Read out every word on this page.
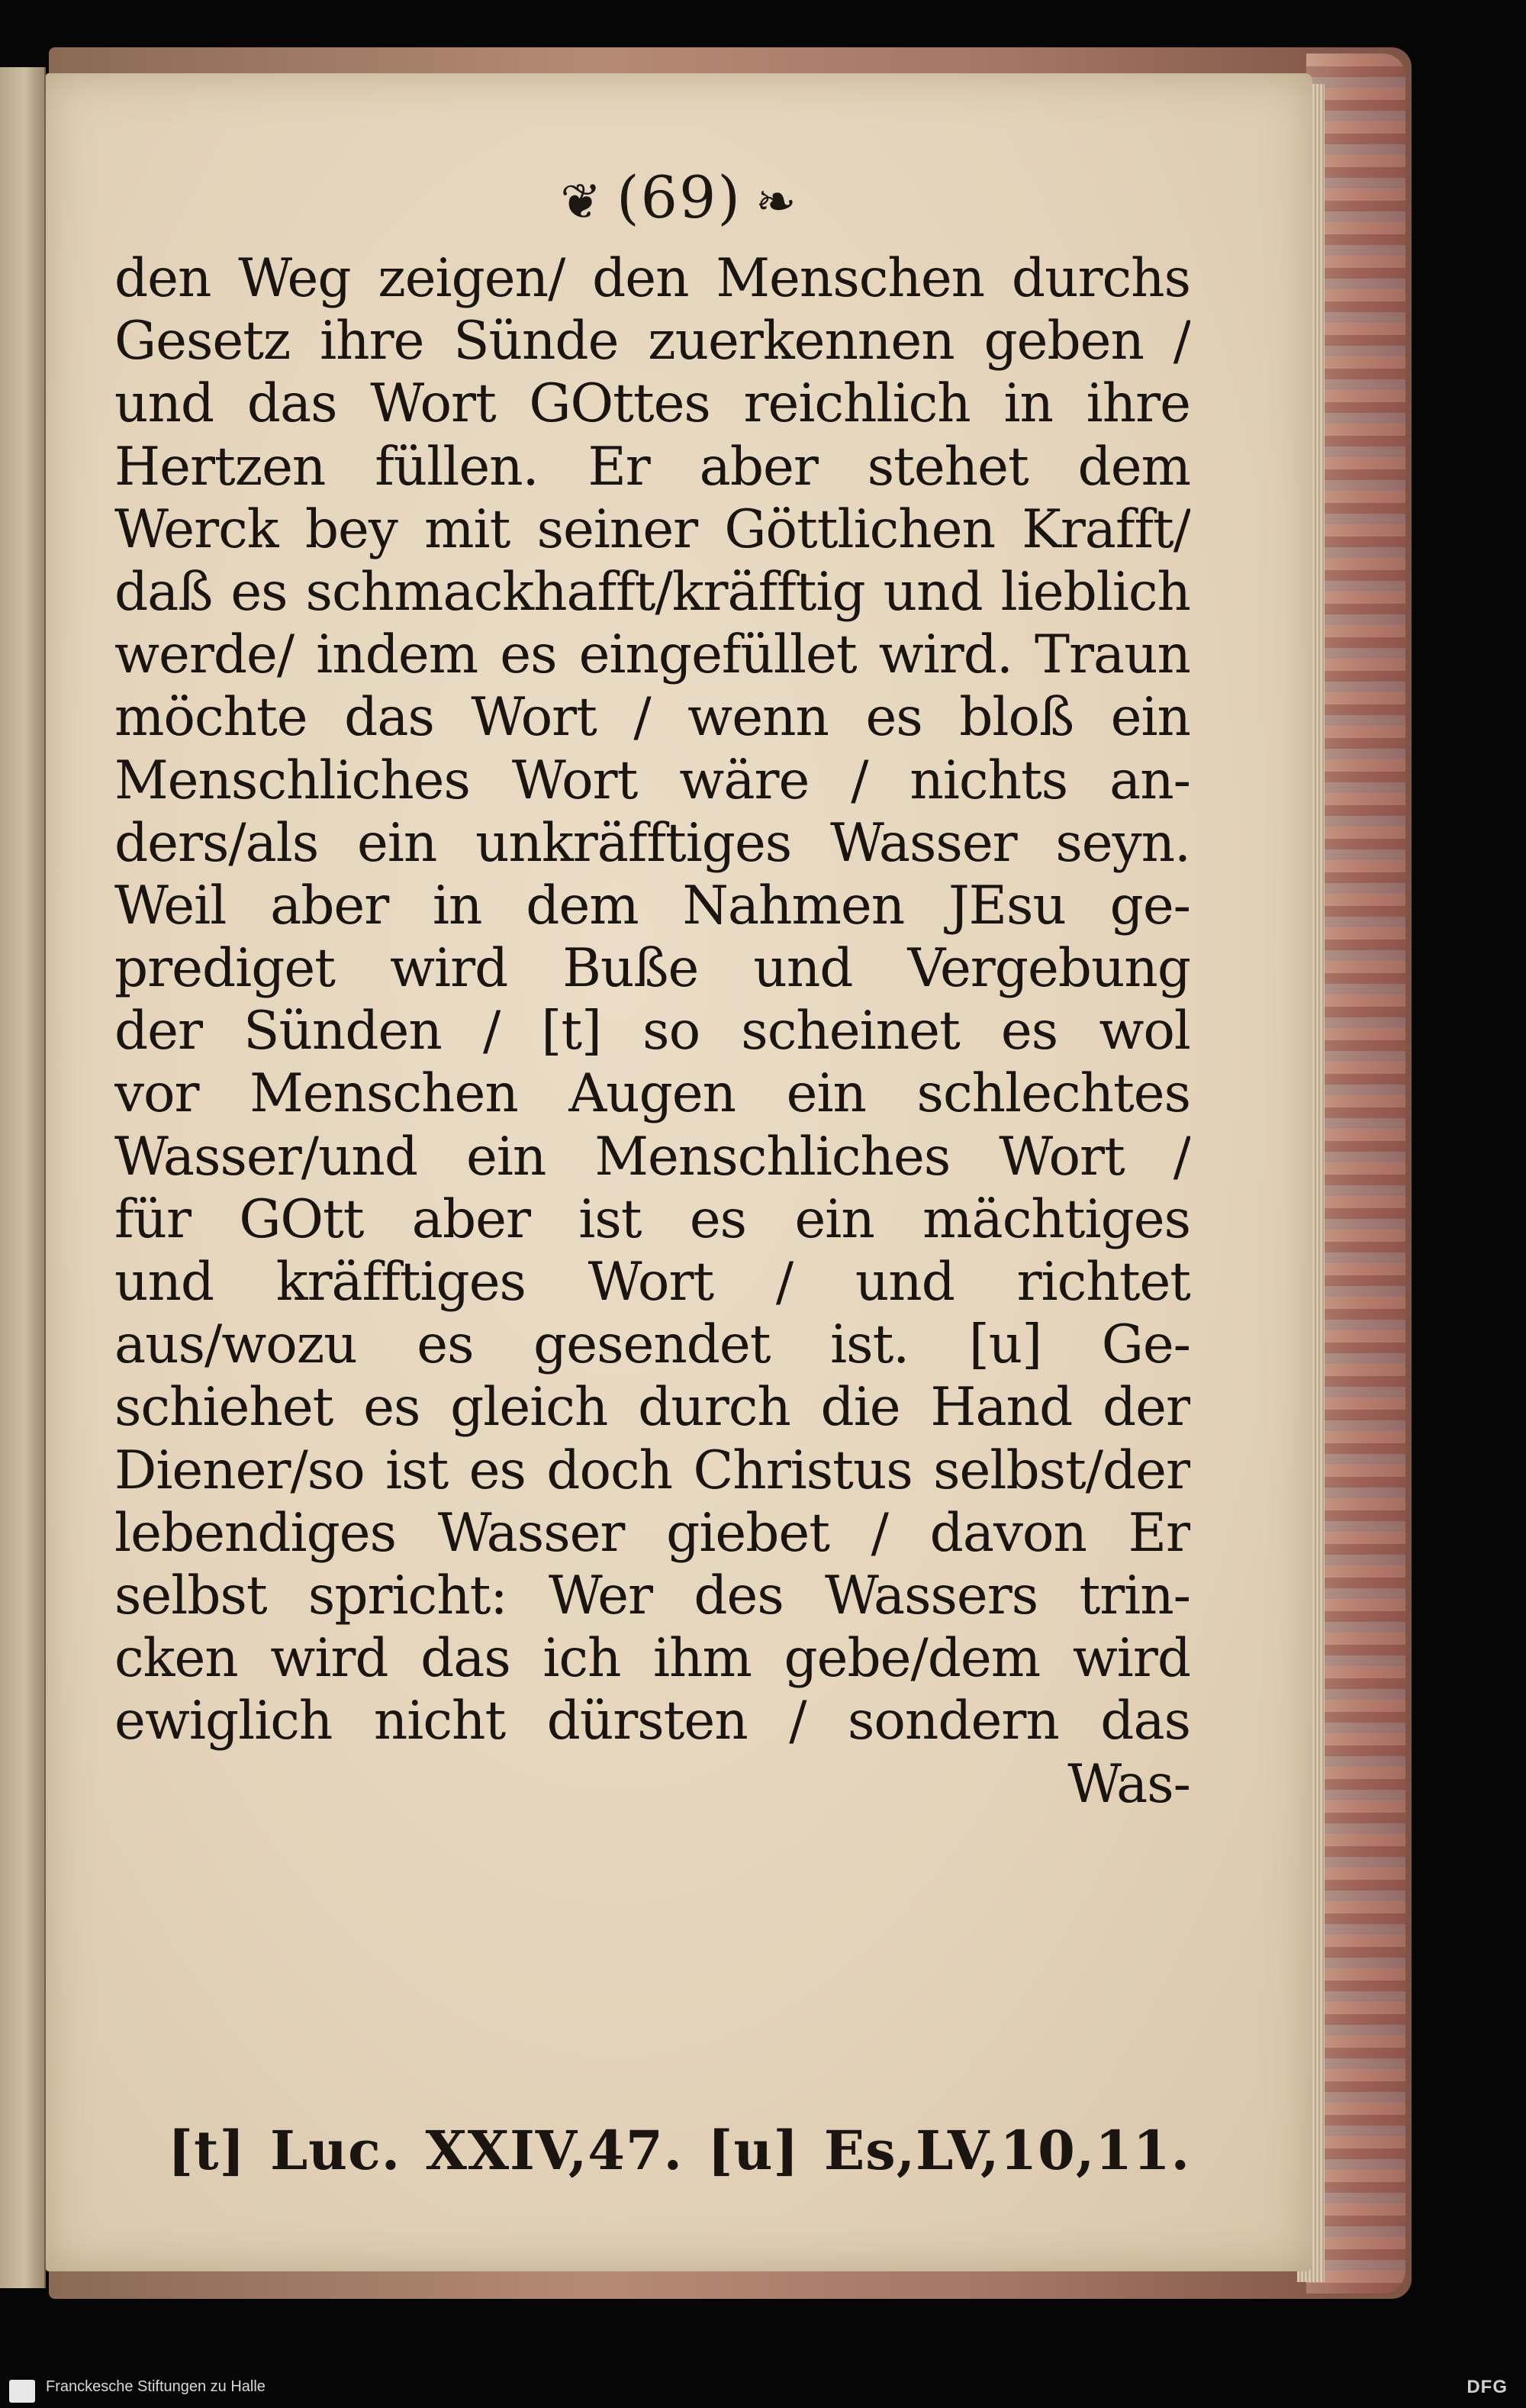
❦ (69) ❧
den Weg zeigen/ den Menschen durchs
Gesetz ihre Sünde zuerkennen geben /
und das Wort GOttes reichlich in ihre
Hertzen füllen. Er aber stehet dem
Werck bey mit seiner Göttlichen Krafft/
daß es schmackhafft/kräfftig und lieblich
werde/ indem es eingefüllet wird. Traun
möchte das Wort / wenn es bloß ein
Menschliches Wort wäre / nichts an-
ders/als ein unkräfftiges Wasser seyn.
Weil aber in dem Nahmen JEsu ge-
prediget wird Buße und Vergebung
der Sünden / [t] so scheinet es wol
vor Menschen Augen ein schlechtes
Wasser/und ein Menschliches Wort /
für GOtt aber ist es ein mächtiges
und kräfftiges Wort / und richtet
aus/wozu es gesendet ist. [u] Ge-
schiehet es gleich durch die Hand der
Diener/so ist es doch Christus selbst/der
lebendiges Wasser giebet / davon Er
selbst spricht: Wer des Wassers trin-
cken wird das ich ihm gebe/dem wird
ewiglich nicht dürsten / sondern das
Was-
[t] Luc. XXIV,47. [u] Es,LV,10,11.
Franckesche Stiftungen zu Halle	DFG
